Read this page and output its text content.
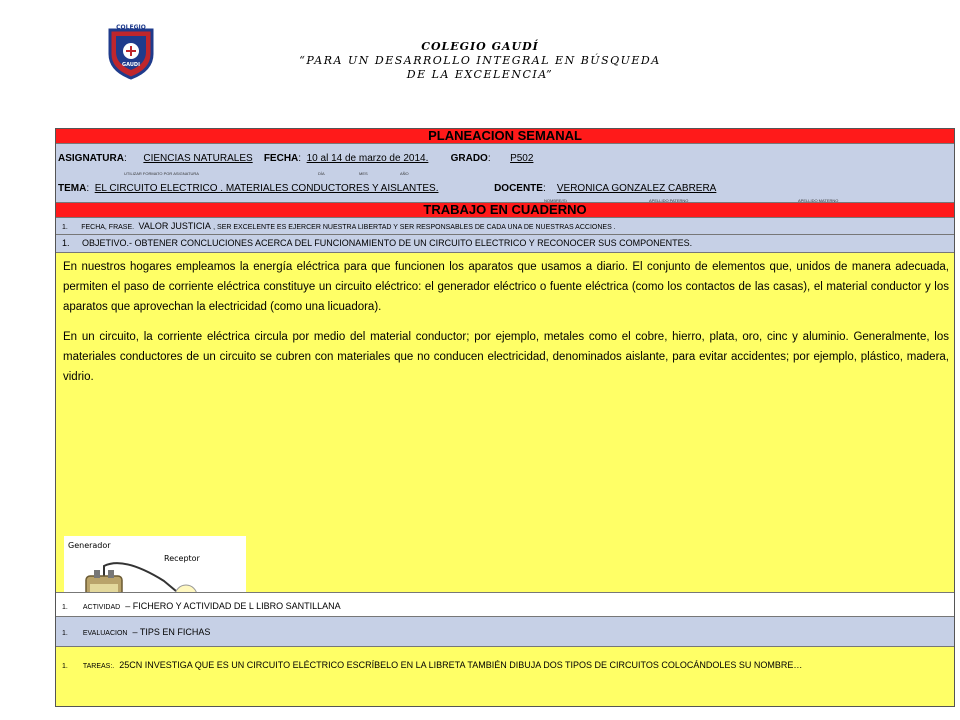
COLEGIO
GAUDI
COLEGIO GAUDÍ
“PARA UN DESARROLLO INTEGRAL EN BÚSQUEDA
DE LA EXCELENCIA”
PLANEACION SEMANAL
ASIGNATURA:      CIENCIAS NATURALES FECHA:  10 al 14 de marzo de 2014. GRADO:       P502
UTILIZAR FORMATO POR ASIGNATURA	DÍA	MES	AÑO
TEMA:  EL CIRCUITO ELECTRICO . MATERIALES CONDUCTORES Y AISLANTES.	DOCENTE:    VERONICA GONZALEZ CABRERA
NOMBRE(S)	APELLIDO PATERNO	APELLIDO MATERNO
TRABAJO EN CUADERNO
1. FECHA, FRASE. VALOR JUSTICIA , SER EXCELENTE ES EJERCER NUESTRA LIBERTAD Y SER RESPONSABLES DE CADA UNA DE NUESTRAS ACCIONES .
1. OBJETIVO.- OBTENER CONCLUCIONES ACERCA DEL FUNCIONAMIENTO DE UN CIRCUITO ELECTRICO Y RECONOCER SUS COMPONENTES.

En nuestros hogares empleamos la energía eléctrica para que funcionen los aparatos que usamos a diario. El conjunto de elementos que, unidos de manera adecuada, permiten el paso de corriente eléctrica constituye un circuito eléctrico: el generador eléctrico o fuente eléctrica (como los contactos de las casas), el material conductor y los aparatos que aprovechan la electricidad (como una licuadora).

En un circuito, la corriente eléctrica circula por medio del material conductor; por ejemplo, metales como el cobre, hierro, plata, oro, cinc y aluminio. Generalmente, los materiales conductores de un circuito se cubren con materiales que no conducen electricidad, denominados aislante, para evitar accidentes; por ejemplo, plástico, madera, vidrio.

Generador
Receptor
1. ACTIVIDAD – FICHERO Y ACTIVIDAD DE L LIBRO SANTILLANA
1. EVALUACION – TIPS EN FICHAS
1. TAREAS:. 25CN INVESTIGA QUE ES UN CIRCUITO ELÉCTRICO ESCRÍBELO EN LA LIBRETA TAMBIÉN DIBUJA DOS TIPOS DE CIRCUITOS COLOCÁNDOLES SU NOMBRE…
